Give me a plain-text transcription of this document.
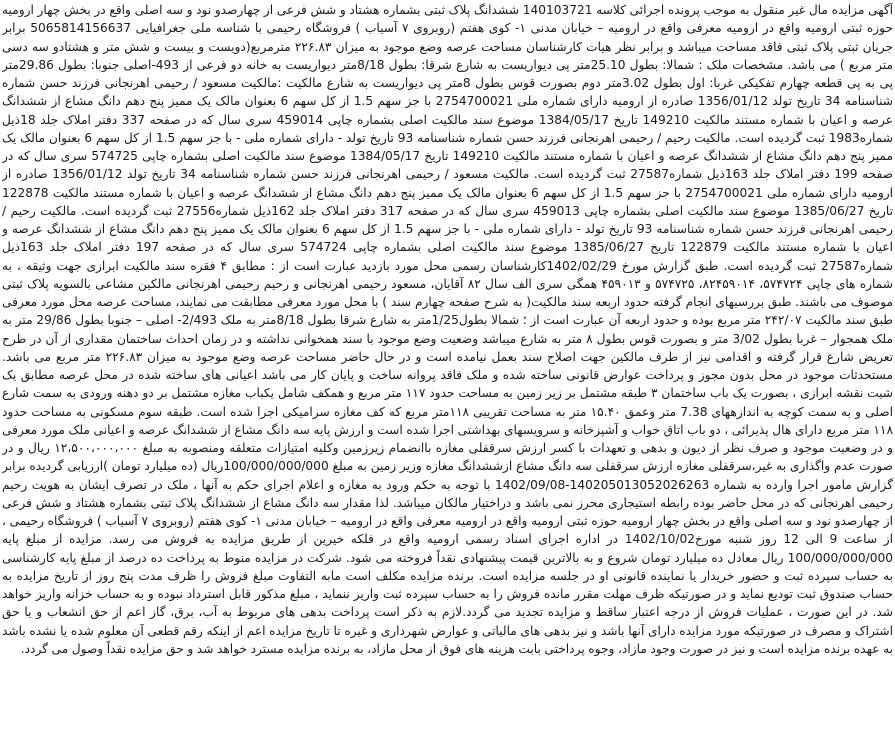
آگهی مزایده مال غیر منقول به موجب پرونده اجرائی کلاسه 140103721 ششدانگ پلاک ثبتی بشماره هشتاد و شش فرعی از چهارصدو نود و سه اصلی واقع در بخش چهار ارومیه حوزه ثبتی ارومیه واقع در ارومیه معرفی واقع در ارومیه – خیابان مدنی ۱- کوی هفتم (روبروی ۷ آسیاب ) فروشگاه رحیمی با شناسه ملی جغرافیایی 5065814156637 برابر جریان ثبتی پلاک ثبتی فاقد مساحت میباشد و برابر نظر هیات کارشناسان مساحت عرصه وضع موجود به میزان ۲۲۶.۸۳ مترمربع(دویست و بیست و شش متر و هشتادو سه دسی متر مربع ) می باشد. مشخصات ملک : شمالا: بطول 25.10متر پی دیواریست به شارع شرقا: بطول 8/18متر دیواریست به خانه دو فرعی از 493-اصلی جنوبا: بطول 29.86متر پی به پی قطعه چهارم تفکیکی غربا: اول بطول 3.02متر دوم بصورت قوس بطول 8متر پی دیواریست به شارع مالکیت :مالکیت مسعود / رحیمی اهرنجانی فرزند حسن شماره شناسنامه 34 تاریخ تولد 1356/01/12 صادره از ارومیه دارای شماره ملی 2754700021 با جز سهم 1.5 از کل سهم 6 بعنوان مالک یک ممیز پنج دهم دانگ مشاع از ششدانگ عرصه و اعیان با شماره مستند مالکیت 149210 تاریخ 1384/05/17 موضوع سند مالکیت اصلی بشماره چاپی 459014 سری سال که در صفحه 337 دفتر املاک جلد 18ذیل شماره1983 ثبت گردیده است. مالکیت رحیم / رحیمی اهرنجانی فرزند حسن شماره شناسنامه 93 تاریخ تولد - دارای شماره ملی - با جز سهم 1.5 از کل سهم 6 بعنوان مالک یک ممیز پنج دهم دانگ مشاع از ششدانگ عرصه و اعیان با شماره مستند مالکیت 149210 تاریخ 1384/05/17 موضوع سند مالکیت اصلی بشماره چاپی 574725 سری سال که در صفحه 199 دفتر املاک جلد 163ذیل شماره27587 ثبت گردیده است. مالکیت مسعود / رحیمی اهرنجانی فرزند حسن شماره شناسنامه 34 تاریخ تولد 1356/01/12 صادره از ارومیه دارای شماره ملی 2754700021 با جز سهم 1.5 از کل سهم 6 بعنوان مالک یک ممیز پنج دهم دانگ مشاع از ششدانگ عرصه و اعیان با شماره مستند مالکیت 122878 تاریخ 1385/06/27 موضوع سند مالکیت اصلی بشماره چاپی 459013 سری سال که در صفحه 317 دفتر املاک جلد 162ذیل شماره27556 ثبت گردیده است. مالکیت رحیم / رحیمی اهرنجانی فرزند حسن شماره شناسنامه 93 تاریخ تولد - دارای شماره ملی - با جز سهم 1.5 از کل سهم 6 بعنوان مالک یک ممیز پنج دهم دانگ مشاع از ششدانگ عرصه و اعیان با شماره مستند مالکیت 122879 تاریخ 1385/06/27 موضوع سند مالکیت اصلی بشماره چاپی 574724 سری سال که در صفحه 197 دفتر املاک جلد 163ذیل شماره27587 ثبت گردیده است. طبق گزارش مورخ 1402/02/29کارشناسان رسمی محل مورد بازدید عبارت است از : مطابق ۴ فقره سند مالکیت ابرازی جهت وثیقه ، به شماره های چاپی ۵۷۴۷۲۴، ۸۲۴۵۹۰۱۴، ۵۷۴۷۲۵ و ۴۵۹۰۱۳ همگی سری الف سال ۸۲ آقایان، مسعود رحیمی اهرنجانی و رحیم رحیمی اهرنجانی مالکین مشاعی بالسویه پلاک ثبتی موصوف می باشند. طبق بررسیهای انجام گرفته حدود اربعه سند مالکیت( به شرح صفحه چهارم سند ) با محل مورد معرفی مطابقت می نمایند، مساحت عرصه محل مورد معرفی طبق سند مالکیت ۲۴۲/۰۷ متر مربع بوده و حدود اربعه آن عبارت است از ؛ شمالا بطول1/25متر به شارع شرقا بطول 8/18متر به ملک 2/493- اصلی – جنوبا بطول 29/86 متر به ملک همجوار – غربا بطول 3/02 متر و بصورت قوس بطول ۸ متر به شارع میباشد وضعیت وضع موجود با سند همخوانی نداشته و در زمان احداث ساختمان مقداری از آن در طرح تعریض شارع قرار گرفته و اقدامی نیز از طرف مالکین جهت اصلاح سند بعمل نیامده است و در حال حاضر مساحت عرصه وضع موجود به میزان ۲۲۶.۸۳ متر مربع می باشد. مستحدثات موجود در محل بدون مجوز و پرداخت عوارض قانونی ساخته شده و ملک فاقد پروانه ساخت و پایان کار می باشد اعیانی های ساخته شده در محل عرصه مطابق یک شیت نقشه ابرازی ، بصورت یک باب ساختمان ۳ طبقه مشتمل بر زیر زمین به مساحت حدود ۱۱۷ متر مربع و همکف شامل یکباب مغازه مشتمل بر دو دهنه ورودی به سمت شارع اصلی و به سمت کوچه به اندازههای 7.38 متر وعمق ۱۵.۴۰ متر به مساحت تقریبی ۱۱۸متر مربع که کف مغازه سرامیکی اجرا شده است. طبقه سوم مسکونی به مساحت حدود ۱۱۸ متر مربع دارای هال پذیرائی ، دو باب اتاق خواب و آشپزخانه و سرویسهای بهداشتی اجرا شده است و ارزش پایه سه دانگ مشاع از ششدانگ عرصه و اعیانی ملک مورد معرفی و در وضعیت موجود و صرف نظر از دیون و بدهی و تعهدات با کسر ارزش سرقفلی مغازه باانضمام زیرزمین وکلیه امتیازات متعلقه ومنصوبه به مبلغ ۱۲،۵۰۰،۰۰۰،۰۰۰ ریال و در صورت عدم واگذاری به غیر،سرقفلی مغازه ارزش سرقفلی سه دانگ مشاع ازششدانگ مغازه وزیر زمین به مبلغ 100/000/000/000ریال (ده میلیارد تومان )ارزیابی گردیده برابر گزارش مامور اجرا وارده به شماره 140205013052026263-1402/09/08 با توجه به حکم ورود به مغازه و اعلام اجرای حکم به آنها ، ملک در تصرف ایشان به هویت رحیم رحیمی اهرنجانی که در محل حاضر بوده رابطه استیجاری محرز نمی باشد و دراختیار مالکان میباشد. لذا مقدار سه دانگ مشاع از ششدانگ پلاک ثبتی بشماره هشتاد و شش فرعی از چهارصدو نود و سه اصلی واقع در بخش چهار ارومیه حوزه ثبتی ارومیه واقع در ارومیه معرفی واقع در ارومیه – خیابان مدنی ۱- کوی هفتم (روبروی ۷ آسیاب ) فروشگاه رحیمی ، از ساعت 9 الی 12 روز شنبه مورخ1402/10/02 در اداره اجرای اسناد رسمی ارومیه واقع در فلکه خیرین از طریق مزایده به فروش می رسد. مزایده از مبلغ پایه 100/000/000/000 ریال معادل ده میلیارد تومان شروع و به بالاترین قیمت پیشنهادی نقداً فروخته می شود. شرکت در مزایده منوط به پرداخت ده درصد از مبلغ پایه کارشناسی به حساب سپرده ثبت و حضور خریدار یا نماینده قانونی او در جلسه مزایده است. برنده مزایده مکلف است مابه التفاوت مبلغ فروش را ظرف مدت پنج روز از تاریخ مزایده به حساب صندوق ثبت تودیع نماید و در صورتیکه ظرف مهلت مقرر مانده فروش را به حساب سپرده ثبت واریز ننماید ، مبلغ مذکور قابل استرداد نبوده و به حساب خزانه واریز خواهد شد. در این صورت ، عملیات فروش از درجه اعتبار ساقط و مزایده تجدید می گردد.لازم به ذکر است پرداخت بدهی های مربوط به آب، برق، گاز اعم از حق انشعاب و یا حق اشتراک و مصرف در صورتیکه مورد مزایده دارای آنها باشد و نیز بدهی های مالیاتی و عوارض شهرداری و غیره تا تاریخ مزایده اعم از اینکه رقم قطعی آن معلوم شده یا نشده باشد به عهده برنده مزایده است و نیز در صورت وجود مازاد، وجوه پرداختی بابت هزینه های فوق از محل مازاد، به برنده مزایده مسترد خواهد شد و حق مزایده نقداً وصول می گردد.
